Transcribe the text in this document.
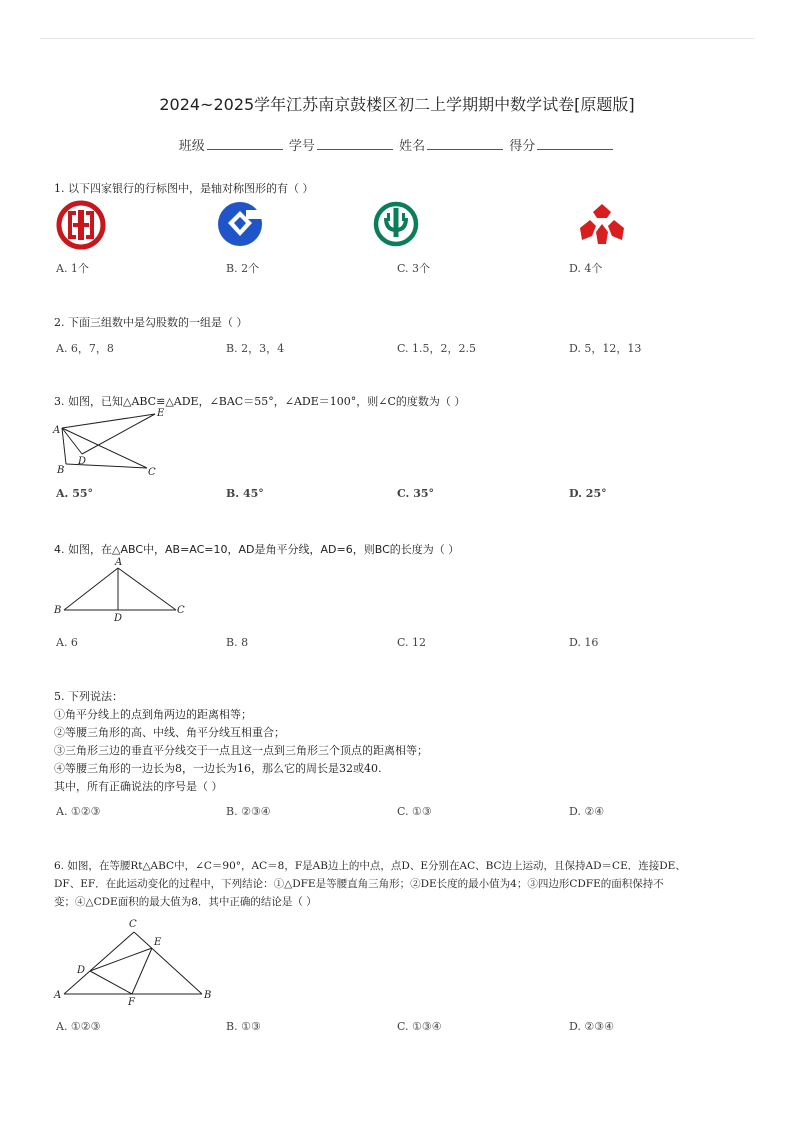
2024~2025学年江苏南京鼓楼区初二上学期期中数学试卷[原题版]
班级	学号	姓名	得分
1. 以下四家银行的行标图中，是轴对称图形的有（ ）
A. 1个	B. 2个	C. 3个	D. 4个
2. 下面三组数中是勾股数的一组是（ ）
A. 6，7，8	B. 2，3，4	C. 1.5，2，2.5	D. 5，12，13
3. 如图，已知△ABC≌△ADE，∠BAC＝55°，∠ADE＝100°，则∠C的度数为（ ）
A
E
D
B	C
A. 55°	B. 45°	C. 35°	D. 25°
4. 如图，在△ABC中，AB=AC=10，AD是角平分线，AD=6，则BC的长度为（ ）
A
B	C
D
A. 6	B. 8	C. 12	D. 16
5. 下列说法：
①角平分线上的点到角两边的距离相等；
②等腰三角形的高、中线、角平分线互相重合；
③三角形三边的垂直平分线交于一点且这一点到三角形三个顶点的距离相等；
④等腰三角形的一边长为8，一边长为16，那么它的周长是32或40.
其中，所有正确说法的序号是（ ）
A. ①②③	B. ②③④	C. ①③	D. ②④
6. 如图，在等腰Rt△ABC中，∠C＝90°，AC＝8，F是AB边上的中点，点D、E分别在AC、BC边上运动，且保持AD＝CE．连接DE、
DF、EF．在此运动变化的过程中，下列结论：①△DFE是等腰直角三角形；②DE长度的最小值为4；③四边形CDFE的面积保持不
变；④△CDE面积的最大值为8．其中正确的结论是（ ）
C
E
D
A
F
B
A. ①②③	B. ①③	C. ①③④	D. ②③④
